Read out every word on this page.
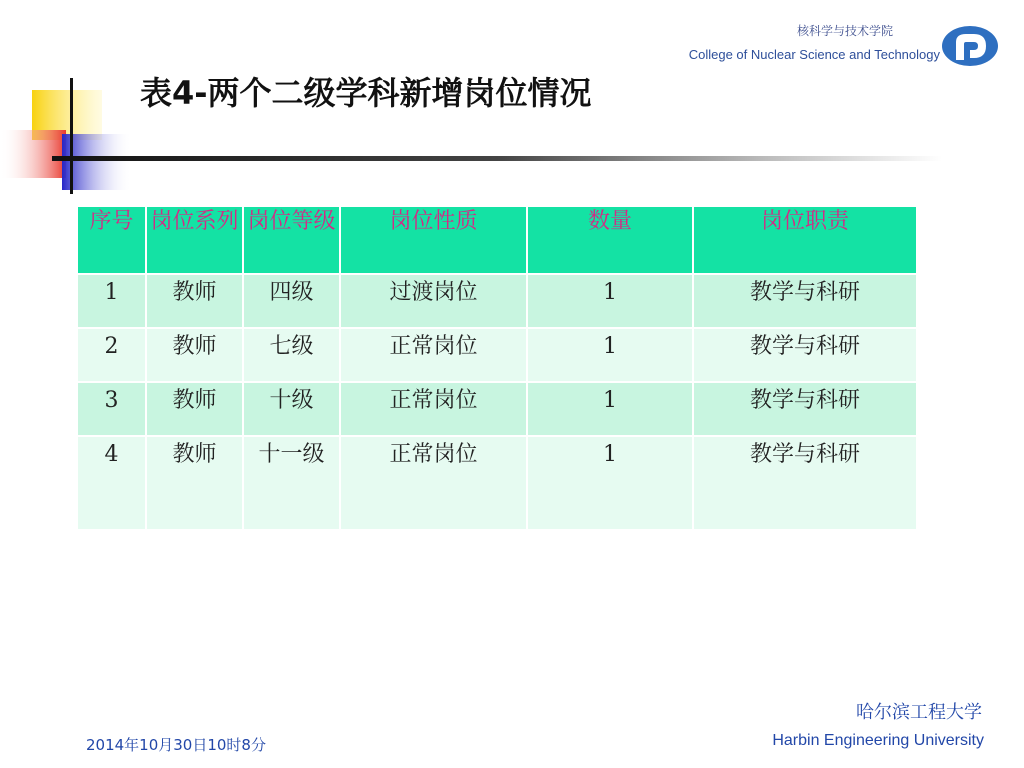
核科学与技术学院
College of Nuclear Science and Technology
表4-两个二级学科新增岗位情况
序号	岗位系列	岗位等级	岗位性质	数量	岗位职责
1	教师	四级	过渡岗位	1	教学与科研
2	教师	七级	正常岗位	1	教学与科研
3	教师	十级	正常岗位	1	教学与科研
4	教师	十一级	正常岗位	1	教学与科研
哈尔滨工程大学
Harbin Engineering University
2014年10月30日10时8分
